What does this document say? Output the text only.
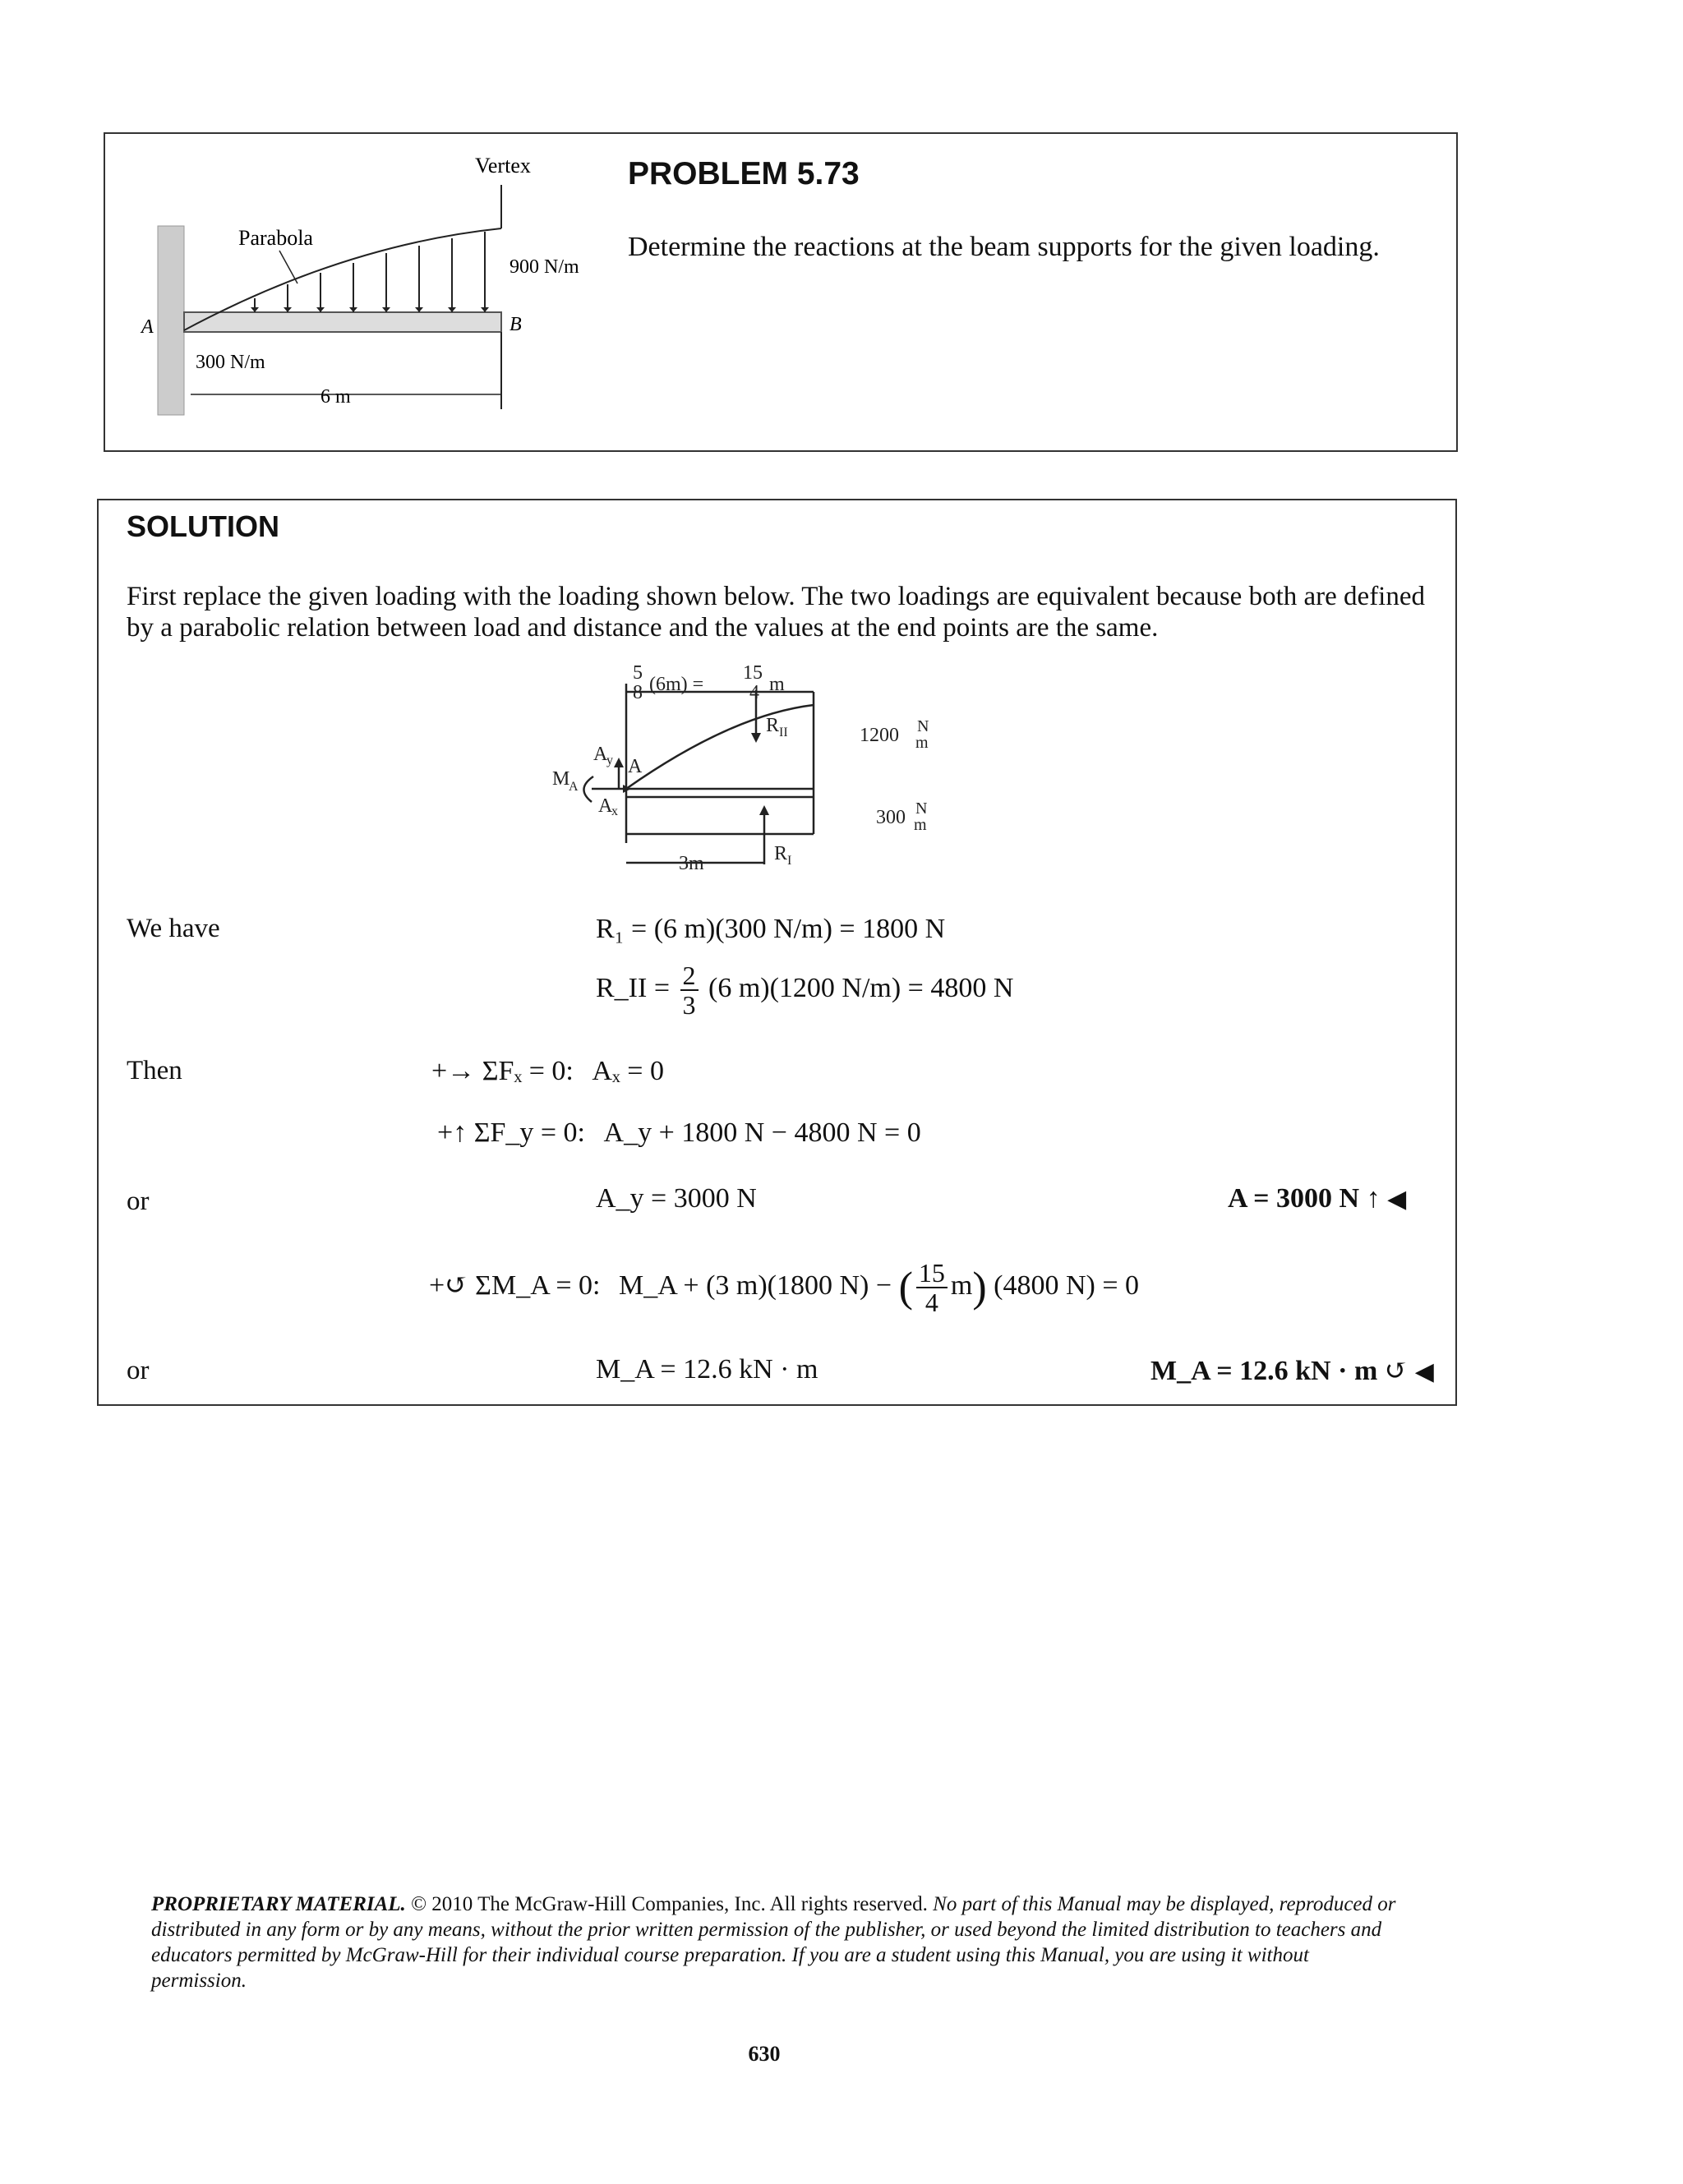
Vertex
Parabola
900 N/m
300 N/m
A	B
6 m
PROBLEM 5.73
Determine the reactions at the beam supports for the given loading.
SOLUTION
First replace the given loading with the loading shown below. The two loadings are equivalent because both are defined by a parabolic relation between load and distance and the values at the end points are the same.
5
8 (6m) =
15
4 m
1200 N
m
300 N
m
R II
R I
A
y A
M
A
A
x
3m
We have
Then
or
or
R₁ = (6 m)(300 N/m) = 1800 N
R_II = $\frac{2}{3} (6$ m)(1200 N/m) = 4800 N
+→ ΣFₓ = 0: Aₓ = 0
+↑ ΣF_y = 0: A_y + 1800 N − 4800 N = 0
A_y = 3000 N
+↺ ΣM_A = 0: M_A + (3 m)(1800 N) − ( $\frac{15}{4} m$) (4800 N) = 0
M_A = 12.6 kN · m
A = 3000 N ↑ ◀
M_A = 12.6 kN · m ↺ ◀
PROPRIETARY MATERIAL. © 2010 The McGraw-Hill Companies, Inc. All rights reserved. No part of this Manual may be displayed, reproduced or distributed in any form or by any means, without the prior written permission of the publisher, or used beyond the limited distribution to teachers and educators permitted by McGraw-Hill for their individual course preparation. If you are a student using this Manual, you are using it without permission.
630
